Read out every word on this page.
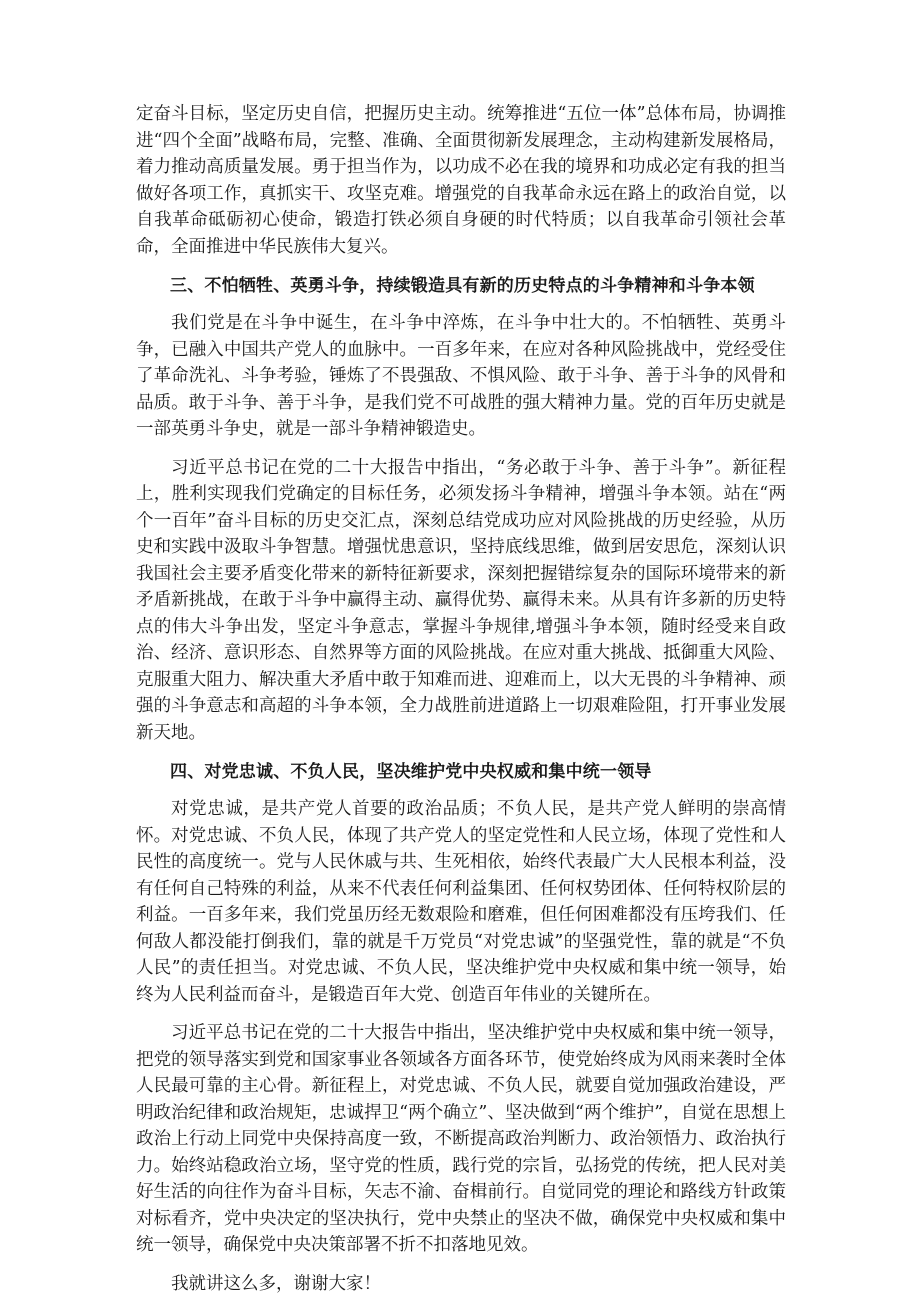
定奋斗目标，坚定历史自信，把握历史主动。统筹推进“五位一体”总体布局，协调推进“四个全面”战略布局，完整、准确、全面贯彻新发展理念，主动构建新发展格局，着力推动高质量发展。勇于担当作为，以功成不必在我的境界和功成必定有我的担当做好各项工作，真抓实干、攻坚克难。增强党的自我革命永远在路上的政治自觉，以自我革命砥砺初心使命，锻造打铁必须自身硬的时代特质；以自我革命引领社会革命，全面推进中华民族伟大复兴。

三、不怕牺牲、英勇斗争，持续锻造具有新的历史特点的斗争精神和斗争本领

我们党是在斗争中诞生，在斗争中淬炼，在斗争中壮大的。不怕牺牲、英勇斗争，已融入中国共产党人的血脉中。一百多年来，在应对各种风险挑战中，党经受住了革命洗礼、斗争考验，锤炼了不畏强敌、不惧风险、敢于斗争、善于斗争的风骨和品质。敢于斗争、善于斗争，是我们党不可战胜的强大精神力量。党的百年历史就是一部英勇斗争史，就是一部斗争精神锻造史。

习近平总书记在党的二十大报告中指出，“务必敢于斗争、善于斗争”。新征程上，胜利实现我们党确定的目标任务，必须发扬斗争精神，增强斗争本领。站在“两个一百年”奋斗目标的历史交汇点，深刻总结党成功应对风险挑战的历史经验，从历史和实践中汲取斗争智慧。增强忧患意识，坚持底线思维，做到居安思危，深刻认识我国社会主要矛盾变化带来的新特征新要求，深刻把握错综复杂的国际环境带来的新矛盾新挑战，在敢于斗争中赢得主动、赢得优势、赢得未来。从具有许多新的历史特点的伟大斗争出发，坚定斗争意志，掌握斗争规律,增强斗争本领，随时经受来自政治、经济、意识形态、自然界等方面的风险挑战。在应对重大挑战、抵御重大风险、克服重大阻力、解决重大矛盾中敢于知难而进、迎难而上，以大无畏的斗争精神、顽强的斗争意志和高超的斗争本领，全力战胜前进道路上一切艰难险阻，打开事业发展新天地。

四、对党忠诚、不负人民，坚决维护党中央权威和集中统一领导

对党忠诚，是共产党人首要的政治品质；不负人民，是共产党人鲜明的崇高情怀。对党忠诚、不负人民，体现了共产党人的坚定党性和人民立场，体现了党性和人民性的高度统一。党与人民休戚与共、生死相依，始终代表最广大人民根本利益，没有任何自己特殊的利益，从来不代表任何利益集团、任何权势团体、任何特权阶层的利益。一百多年来，我们党虽历经无数艰险和磨难，但任何困难都没有压垮我们、任何敌人都没能打倒我们，靠的就是千万党员“对党忠诚”的坚强党性，靠的就是“不负人民”的责任担当。对党忠诚、不负人民，坚决维护党中央权威和集中统一领导，始终为人民利益而奋斗，是锻造百年大党、创造百年伟业的关键所在。

习近平总书记在党的二十大报告中指出，坚决维护党中央权威和集中统一领导，把党的领导落实到党和国家事业各领域各方面各环节，使党始终成为风雨来袭时全体人民最可靠的主心骨。新征程上，对党忠诚、不负人民，就要自觉加强政治建设，严明政治纪律和政治规矩，忠诚捍卫“两个确立”、坚决做到“两个维护”，自觉在思想上政治上行动上同党中央保持高度一致，不断提高政治判断力、政治领悟力、政治执行力。始终站稳政治立场，坚守党的性质，践行党的宗旨，弘扬党的传统，把人民对美好生活的向往作为奋斗目标，矢志不渝、奋楫前行。自觉同党的理论和路线方针政策对标看齐，党中央决定的坚决执行，党中央禁止的坚决不做，确保党中央权威和集中统一领导，确保党中央决策部署不折不扣落地见效。

我就讲这么多，谢谢大家！
